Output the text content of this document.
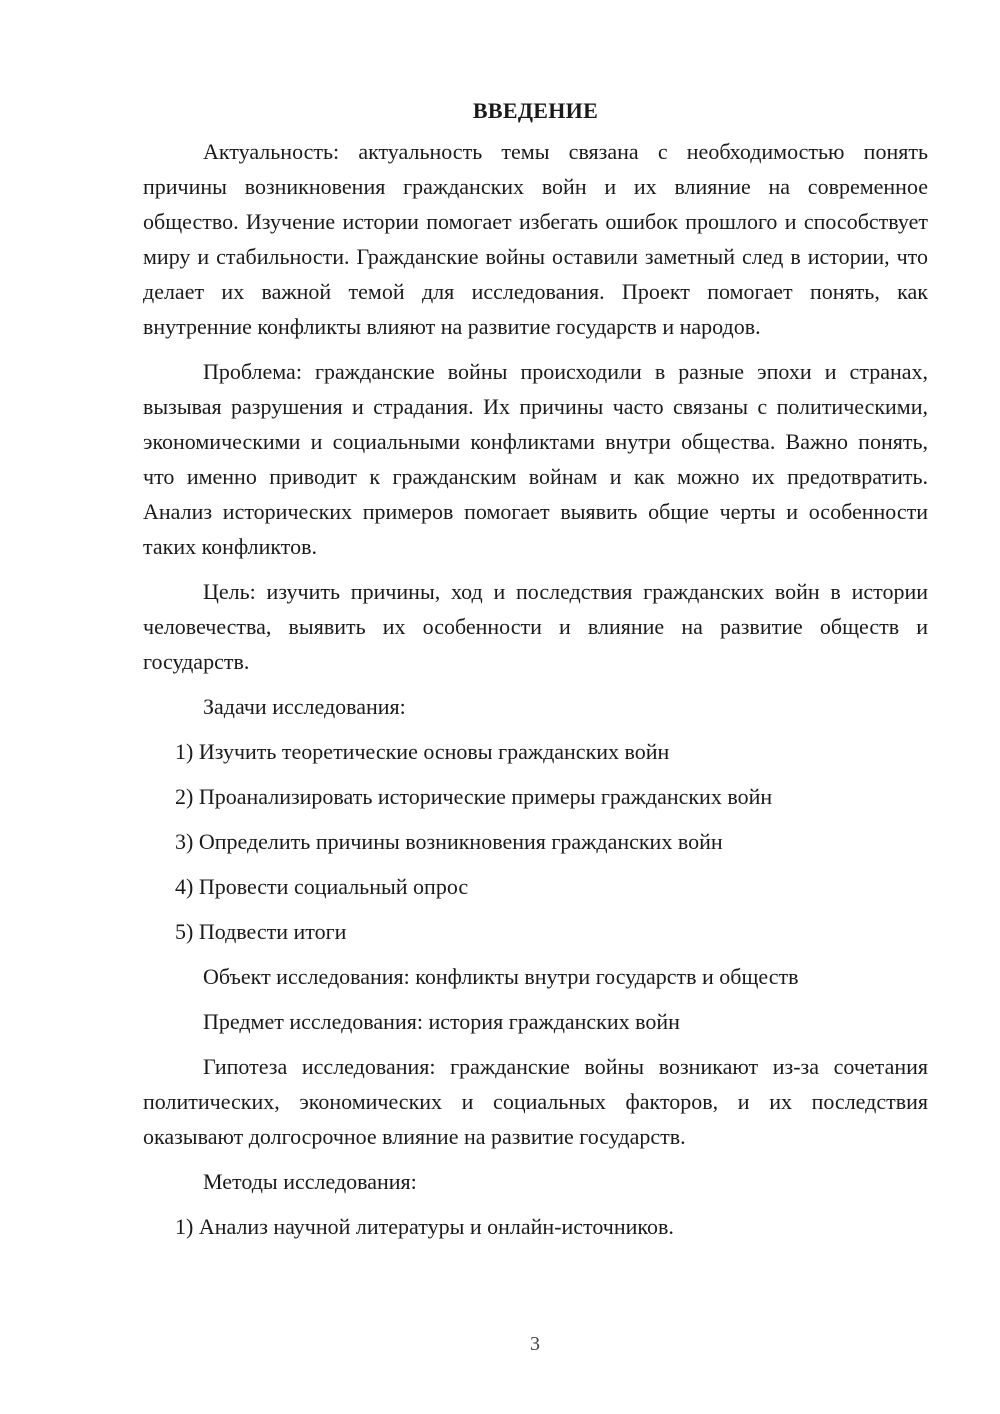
ВВЕДЕНИЕ

Актуальность: актуальность темы связана с необходимостью понять причины возникновения гражданских войн и их влияние на современное общество. Изучение истории помогает избегать ошибок прошлого и способствует миру и стабильности. Гражданские войны оставили заметный след в истории, что делает их важной темой для исследования. Проект помогает понять, как внутренние конфликты влияют на развитие государств и народов.

Проблема: гражданские войны происходили в разные эпохи и странах, вызывая разрушения и страдания. Их причины часто связаны с политическими, экономическими и социальными конфликтами внутри общества. Важно понять, что именно приводит к гражданским войнам и как можно их предотвратить. Анализ исторических примеров помогает выявить общие черты и особенности таких конфликтов.

Цель: изучить причины, ход и последствия гражданских войн в истории человечества, выявить их особенности и влияние на развитие обществ и государств.

Задачи исследования:
1) Изучить теоретические основы гражданских войн
2) Проанализировать исторические примеры гражданских войн
3) Определить причины возникновения гражданских войн
4) Провести социальный опрос
5) Подвести итоги
Объект исследования: конфликты внутри государств и обществ
Предмет исследования: история гражданских войн

Гипотеза исследования: гражданские войны возникают из-за сочетания политических, экономических и социальных факторов, и их последствия оказывают долгосрочное влияние на развитие государств.

Методы исследования:
1) Анализ научной литературы и онлайн-источников.
3
